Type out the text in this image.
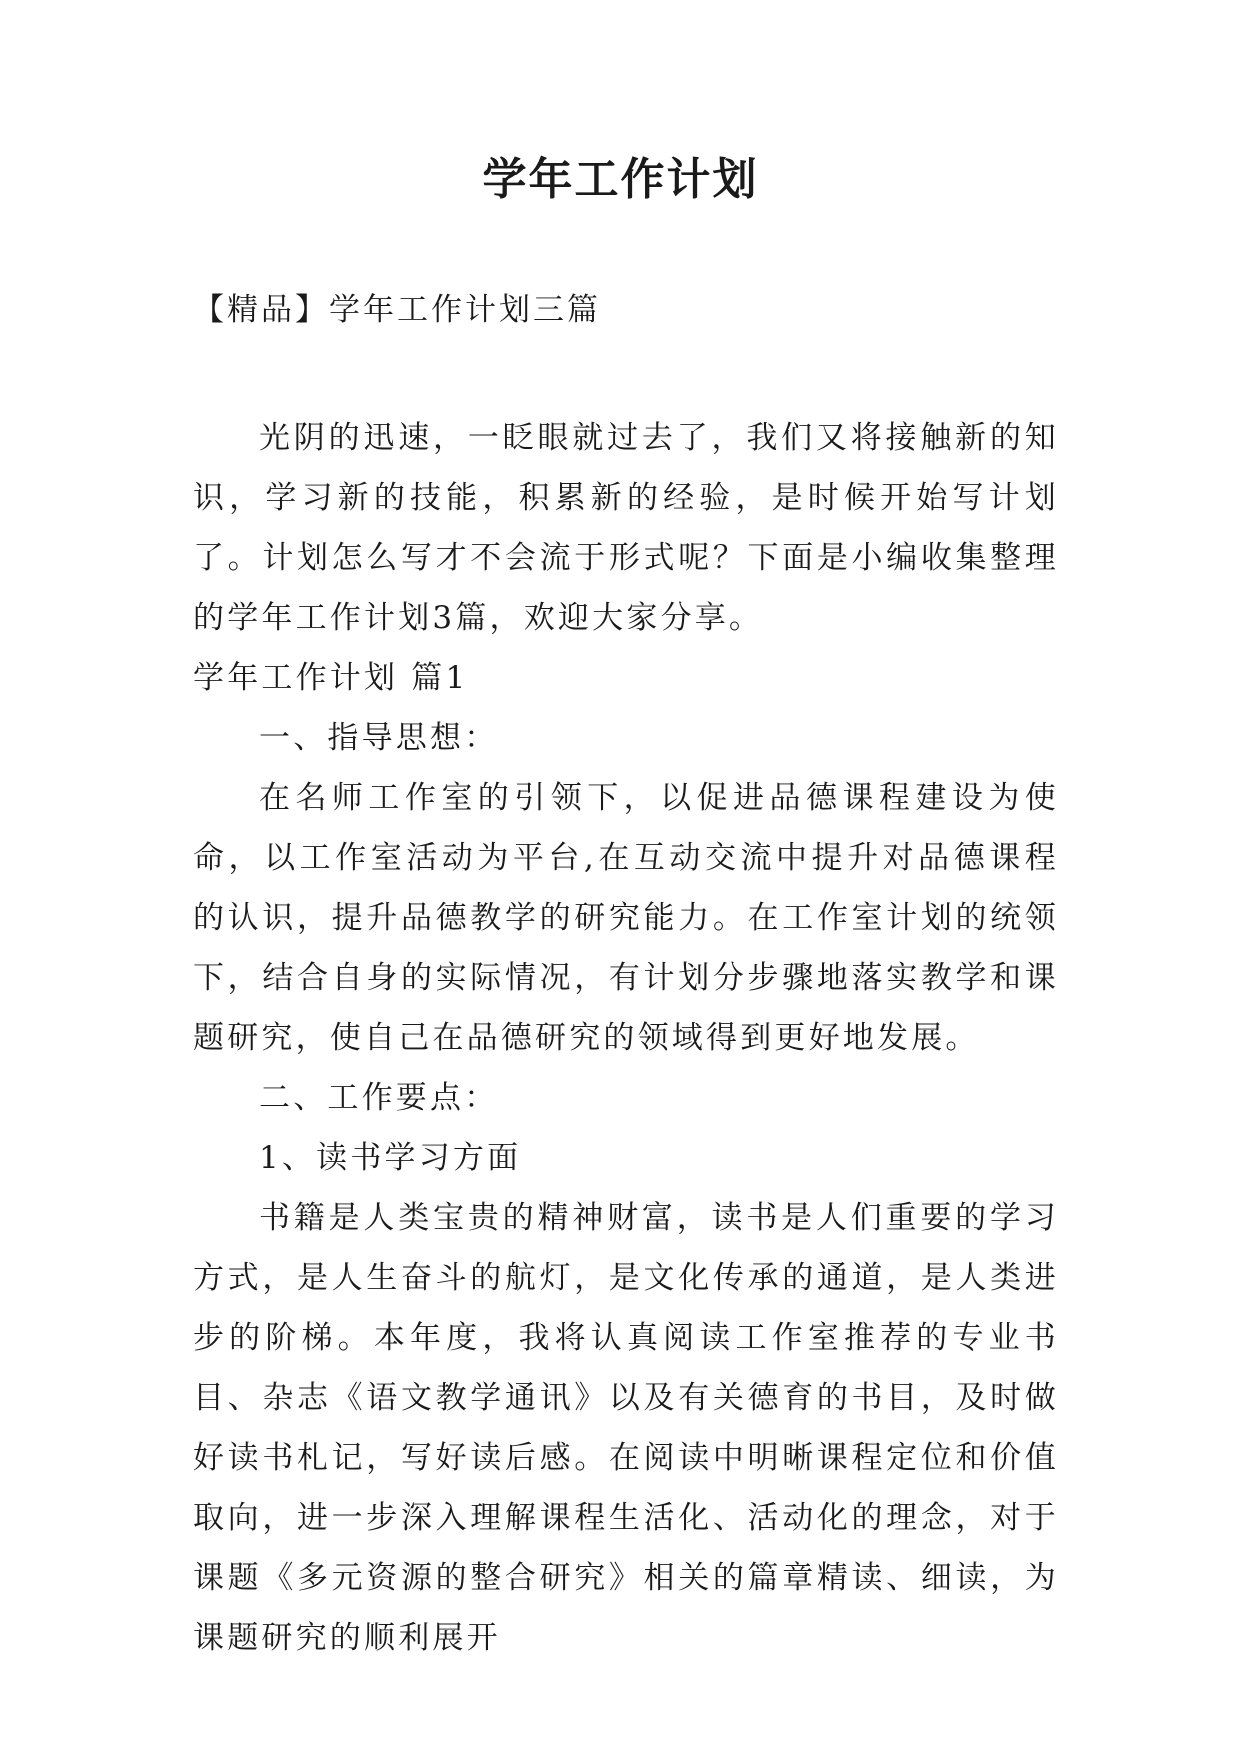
学年工作计划

【精品】学年工作计划三篇

光阴的迅速，一眨眼就过去了，我们又将接触新的知识，学习新的技能，积累新的经验，是时候开始写计划了。计划怎么写才不会流于形式呢？下面是小编收集整理的学年工作计划3篇，欢迎大家分享。

学年工作计划 篇1

一、指导思想：

在名师工作室的引领下，以促进品德课程建设为使命，以工作室活动为平台,在互动交流中提升对品德课程的认识，提升品德教学的研究能力。在工作室计划的统领下，结合自身的实际情况，有计划分步骤地落实教学和课题研究，使自己在品德研究的领域得到更好地发展。

二、工作要点：

1、读书学习方面

书籍是人类宝贵的精神财富，读书是人们重要的学习方式，是人生奋斗的航灯，是文化传承的通道，是人类进步的阶梯。本年度，我将认真阅读工作室推荐的专业书目、杂志《语文教学通讯》以及有关德育的书目，及时做好读书札记，写好读后感。在阅读中明晰课程定位和价值取向，进一步深入理解课程生活化、活动化的理念，对于课题《多元资源的整合研究》相关的篇章精读、细读，为课题研究的顺利展开
